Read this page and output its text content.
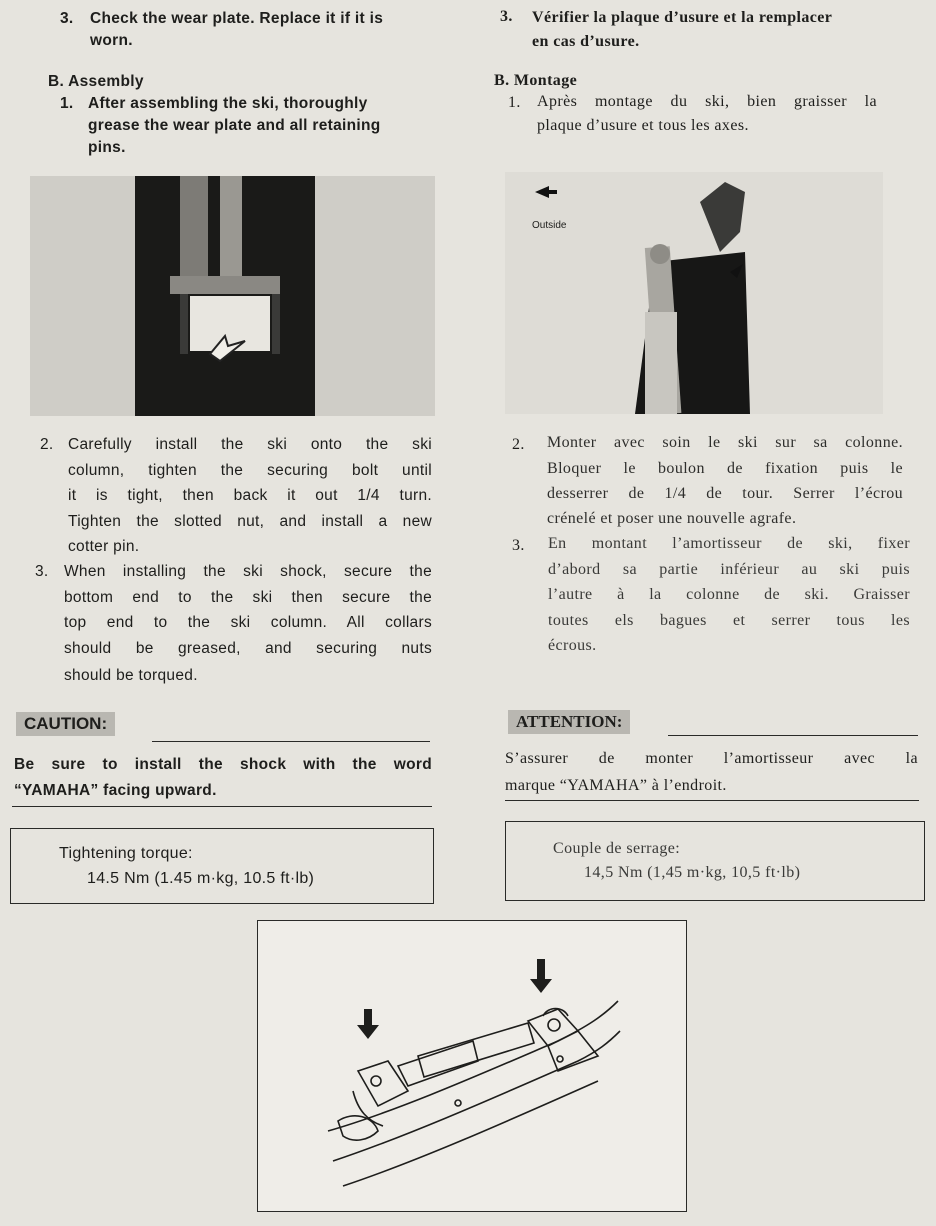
3. Check the wear plate. Replace it if it is
worn.
B. Assembly
1. After assembling the ski, thoroughly
grease the wear plate and all retaining
pins.
2. Carefully install the ski onto the ski
column, tighten the securing bolt until
it is tight, then back it out 1/4 turn.
Tighten the slotted nut, and install a new
cotter pin.
3. When installing the ski shock, secure the
bottom end to the ski then secure the
top end to the ski column. All collars
should be greased, and securing nuts
should be torqued.
CAUTION:
Be sure to install the shock with the word
“YAMAHA” facing upward.
Tightening torque:
14.5 Nm (1.45 m·kg, 10.5 ft·lb)
3. Vérifier la plaque d’usure et la remplacer
en cas d’usure.
B. Montage
1. Après montage du ski, bien graisser la
plaque d’usure et tous les axes.
Outside
2. Monter avec soin le ski sur sa colonne.
Bloquer le boulon de fixation puis le
desserrer de 1/4 de tour. Serrer l’écrou
crénelé et poser une nouvelle agrafe.
3. En montant l’amortisseur de ski, fixer
d’abord sa partie inférieur au ski puis
l’autre à la colonne de ski. Graisser
toutes els bagues et serrer tous les
écrous.
ATTENTION:
S’assurer de monter l’amortisseur avec la
marque “YAMAHA” à l’endroit.
Couple de serrage:
14,5 Nm (1,45 m·kg, 10,5 ft·lb)
